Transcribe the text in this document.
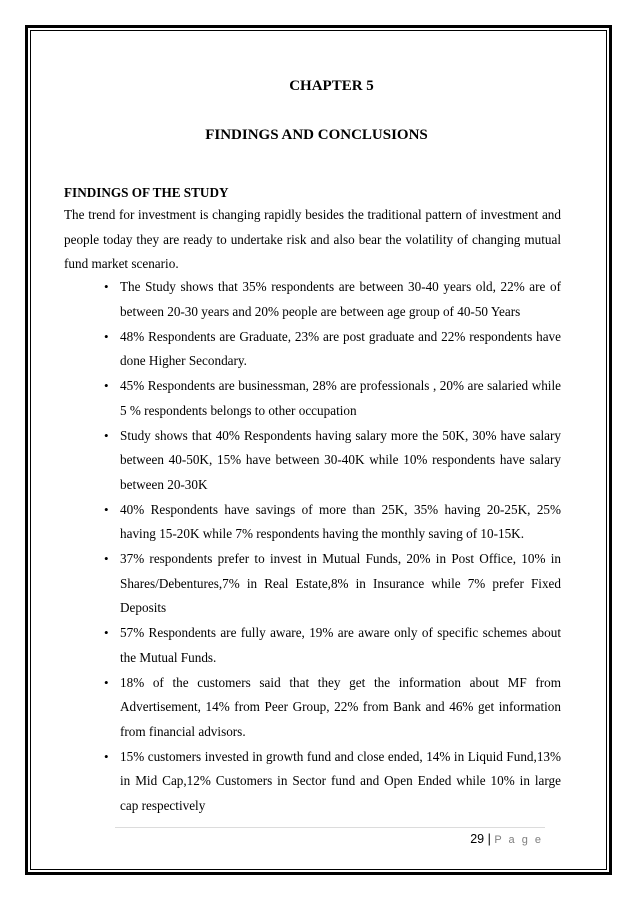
CHAPTER 5
FINDINGS AND CONCLUSIONS
FINDINGS OF THE STUDY

The trend for investment is changing rapidly besides the traditional pattern of investment and people today they are ready to undertake risk and also bear the volatility of changing mutual fund market scenario.

• The Study shows that 35% respondents are between 30-40 years old, 22% are of between 20-30 years and 20% people are between age group of 40-50 Years
• 48% Respondents are Graduate, 23% are post graduate and 22% respondents have done Higher Secondary.
• 45% Respondents are businessman, 28% are professionals , 20% are salaried while 5 % respondents belongs to other occupation
• Study shows that 40% Respondents having salary more the 50K, 30% have salary between 40-50K, 15% have between 30-40K while 10% respondents have salary between 20-30K
• 40% Respondents have savings of more than 25K, 35% having 20-25K, 25% having 15-20K while 7% respondents having the monthly saving of 10-15K.
• 37% respondents prefer to invest in Mutual Funds, 20% in Post Office, 10% in Shares/Debentures,7% in Real Estate,8% in Insurance while 7% prefer Fixed Deposits
• 57% Respondents are fully aware, 19% are aware only of specific schemes about the Mutual Funds.
• 18% of the customers said that they get the information about MF from Advertisement, 14% from Peer Group, 22% from Bank and 46% get information from financial advisors.
• 15% customers invested in growth fund and close ended, 14% in Liquid Fund,13% in Mid Cap,12% Customers in Sector fund and Open Ended while 10% in large cap respectively
29 | P a g e
